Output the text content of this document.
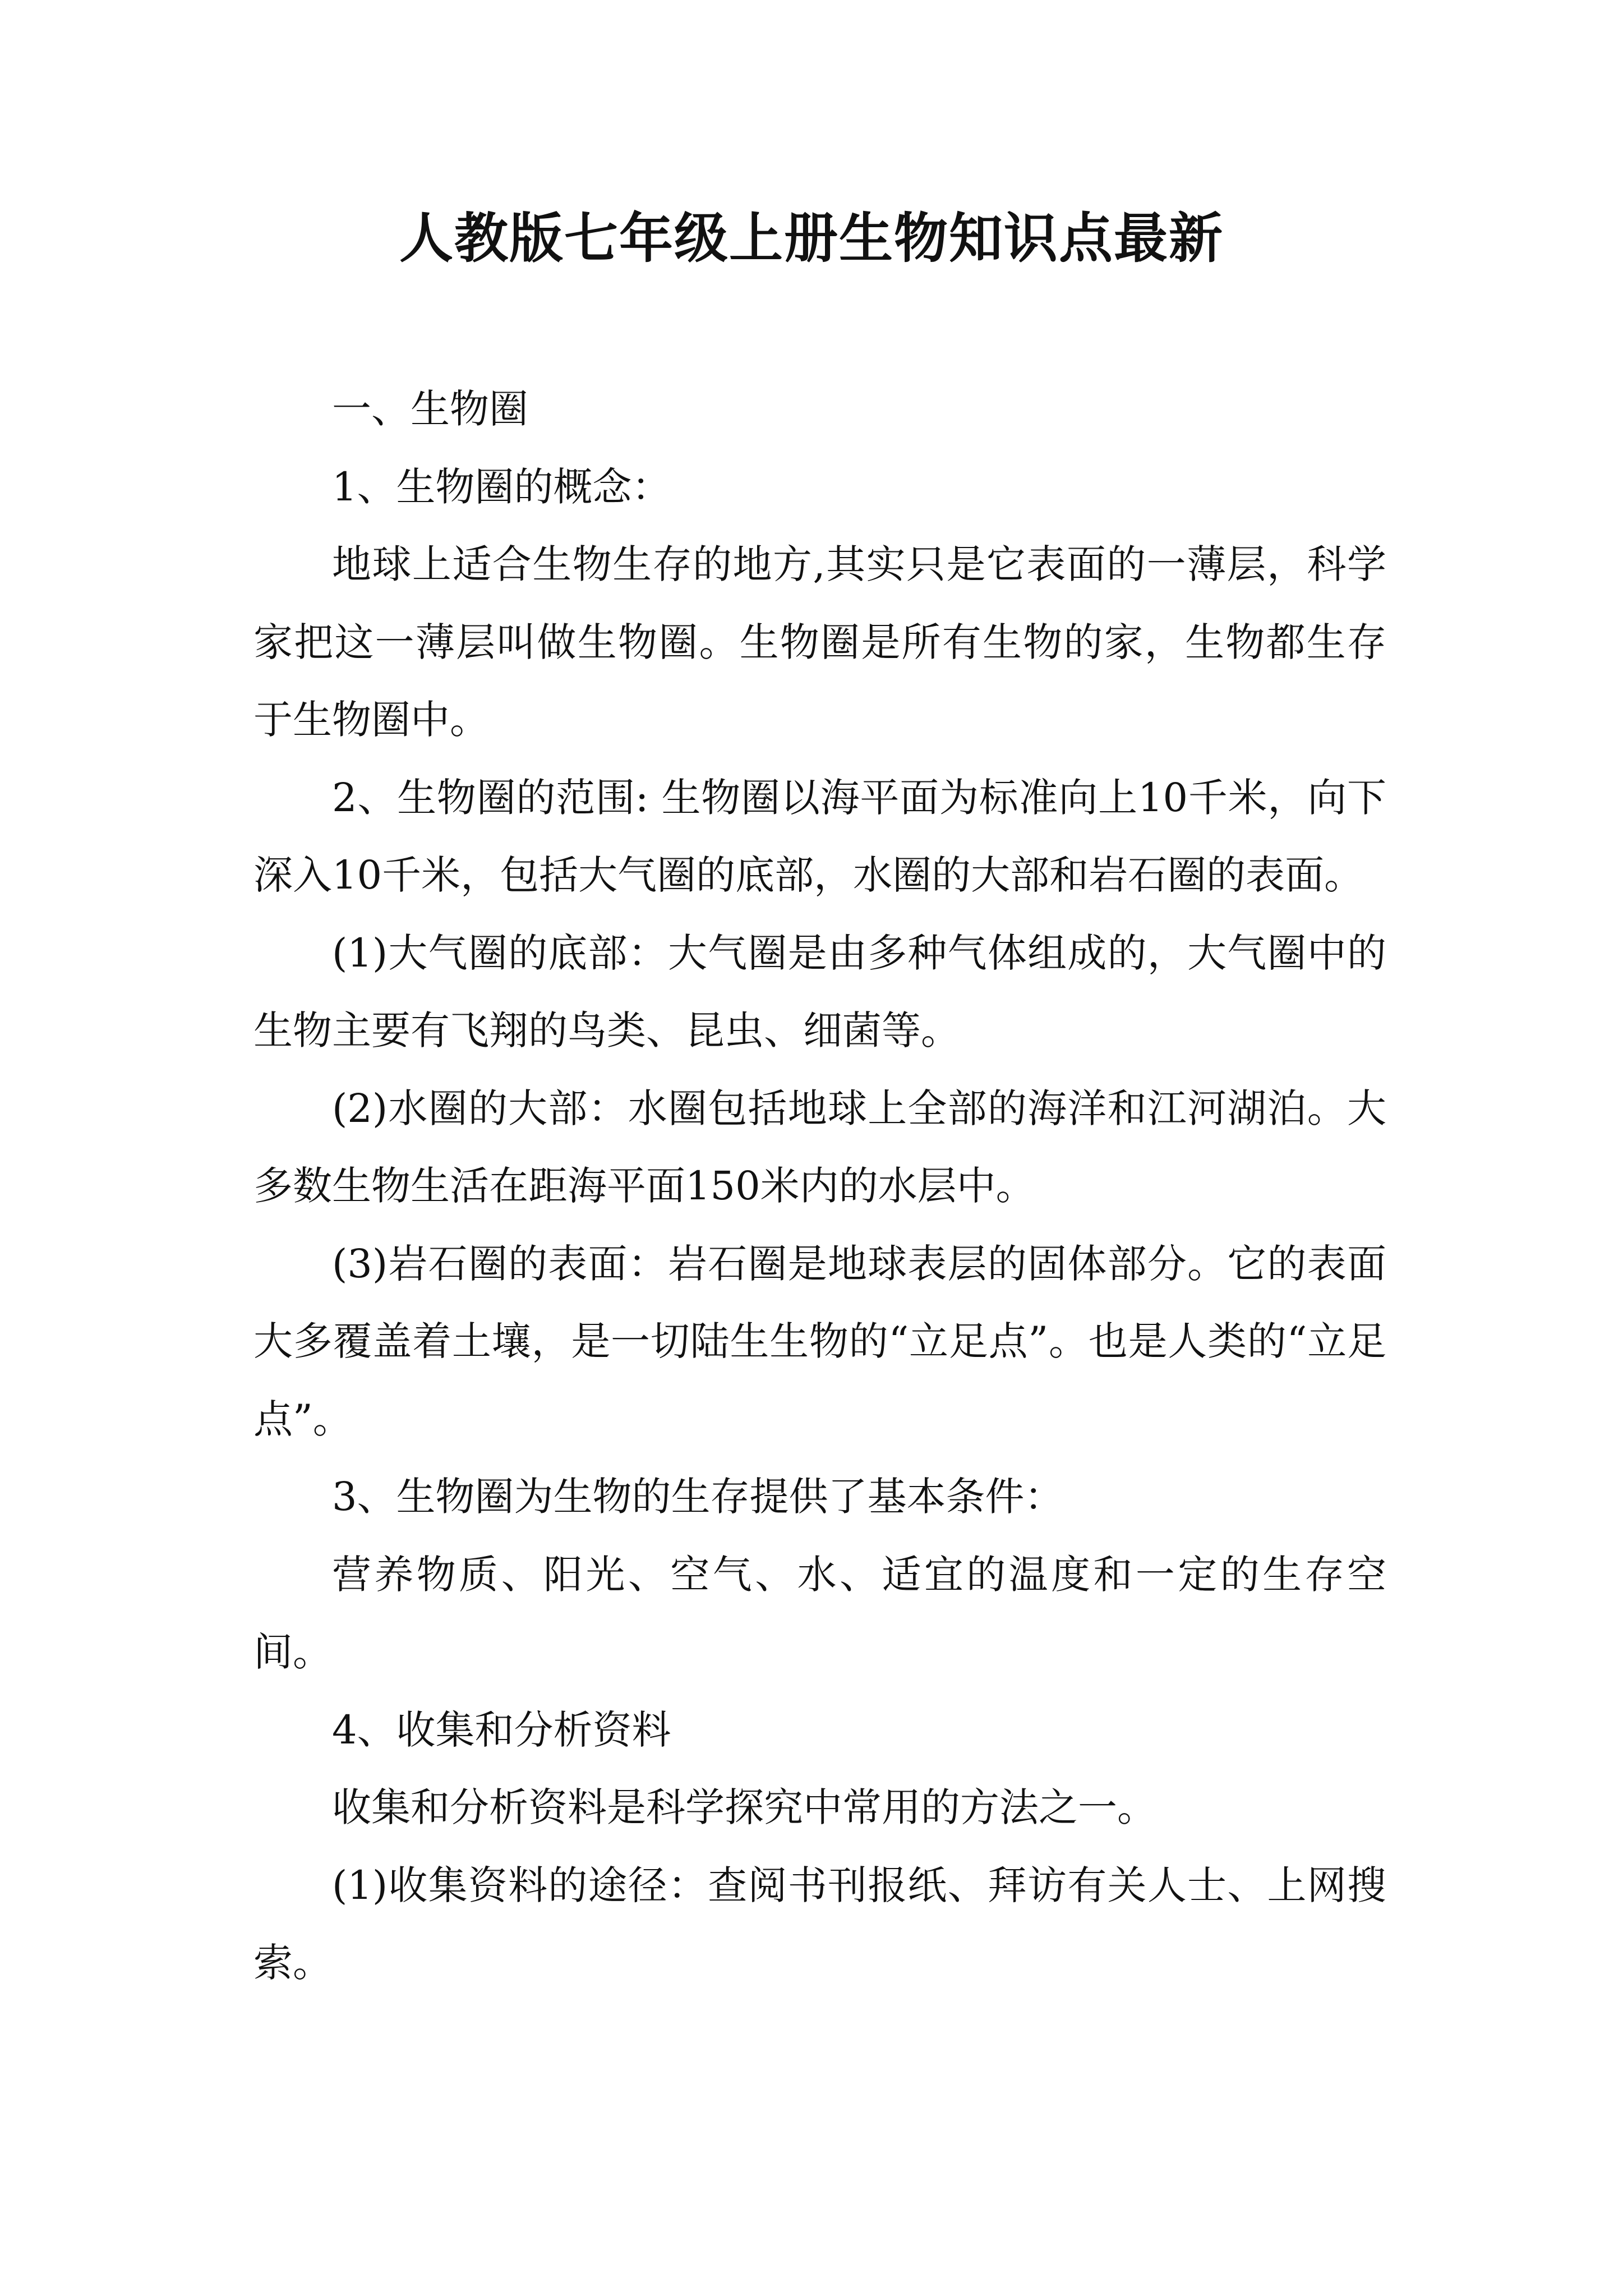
人教版七年级上册生物知识点最新

一、生物圈

1、生物圈的概念：

地球上适合生物生存的地方,其实只是它表面的一薄层，科学家把这一薄层叫做生物圈。生物圈是所有生物的家，生物都生存于生物圈中。

2、生物圈的范围: 生物圈以海平面为标准向上10千米，向下深入10千米，包括大气圈的底部，水圈的大部和岩石圈的表面。

(1)大气圈的底部：大气圈是由多种气体组成的，大气圈中的生物主要有飞翔的鸟类、昆虫、细菌等。

(2)水圈的大部：水圈包括地球上全部的海洋和江河湖泊。大多数生物生活在距海平面150米内的水层中。

(3)岩石圈的表面：岩石圈是地球表层的固体部分。它的表面大多覆盖着土壤，是一切陆生生物的“立足点”。也是人类的“立足点”。

3、生物圈为生物的生存提供了基本条件：

营养物质、阳光、空气、水、适宜的温度和一定的生存空间。

4、收集和分析资料

收集和分析资料是科学探究中常用的方法之一。

(1)收集资料的途径：查阅书刊报纸、拜访有关人士、上网搜索。
